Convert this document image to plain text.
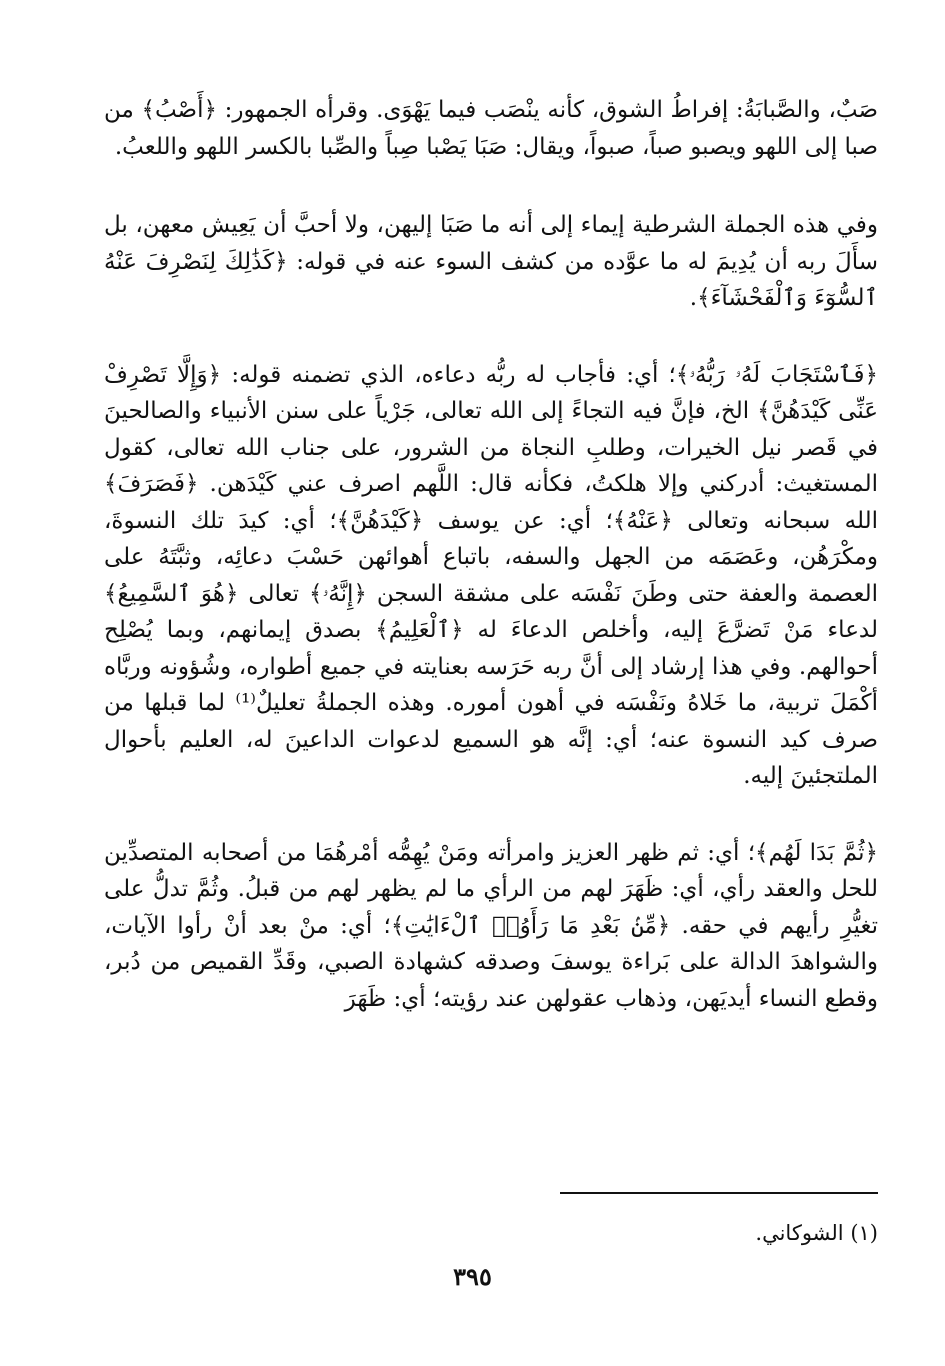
صَبٌ، والصَّبابَةُ: إفراطُ الشوق، كأنه ينْصَب فيما يَهْوَى. وقرأه الجمهور: ﴿أَصْبُ﴾ من صبا إلى اللهو ويصبو صباً، صبواً، ويقال: صَبَا يَصْبا صِباً والصِّبا بالكسر اللهو واللعبُ.

وفي هذه الجملة الشرطية إيماء إلى أنه ما صَبَا إليهن، ولا أحبَّ أن يَعِيش معهن، بل سأَلَ ربه أن يُدِيمَ له ما عوَّده من كشف السوء عنه في قوله: ﴿كَذَٰلِكَ لِنَصْرِفَ عَنْهُ ٱلسُّوٓءَ وَٱلْفَحْشَآءَ﴾.

﴿فَٱسْتَجَابَ لَهُۥ رَبُّهُۥ﴾؛ أي: فأجاب له ربُّه دعاءه، الذي تضمنه قوله: ﴿وَإِلَّا تَصْرِفْ عَنِّى كَيْدَهُنَّ﴾ الخ، فإنَّ فيه التجاءً إلى الله تعالى، جَرْياً على سنن الأنبياء والصالحينَ في قَصر نيل الخيرات، وطلبِ النجاة من الشرور، على جناب الله تعالى، كقول المستغيث: أدركني وإلا هلكتُ، فكأنه قال: اللَّهم اصرف عني كَيْدَهن. ﴿فَصَرَفَ﴾ الله سبحانه وتعالى ﴿عَنْهُ﴾؛ أي: عن يوسف ﴿كَيْدَهُنَّ﴾؛ أي: كيدَ تلك النسوةَ، ومكْرَهُن، وعَصَمَه من الجهل والسفه، باتباع أهوائهن حَسْبَ دعائِه، وثبَّتَهُ على العصمة والعفة حتى وطَنَ نَفْسَه على مشقة السجن ﴿إِنَّهُۥ﴾ تعالى ﴿هُوَ ٱلسَّمِيعُ﴾ لدعاء مَنْ تَضرَّعَ إليه، وأخلص الدعاءَ له ﴿ٱلْعَلِيمُ﴾ بصدق إيمانهم، وبما يُصْلِح أحوالهم. وفي هذا إرشاد إلى أنَّ ربه حَرَسه بعنايته في جميع أطواره، وشُؤونه وربَّاه أكْمَلَ تربية، ما خَلاهُ ونَفْسَه في أهون أموره. وهذه الجملةُ تعليلٌ⁽¹⁾ لما قبلها من صرف كيد النسوة عنه؛ أي: إنَّه هو السميع لدعوات الداعينَ له، العليم بأحوال الملتجئينَ إليه.

﴿ثُمَّ بَدَا لَهُم﴾؛ أي: ثم ظهر العزيز وامرأته ومَنْ يُهِمُّه أمْرهُمَا من أصحابه المتصدِّين للحل والعقد رأي، أي: ظَهَرَ لهم من الرأي ما لم يظهر لهم من قبلُ. وثُمَّ تدلُّ على تغيُّرِ رأيهم في حقه. ﴿مِّنۢ بَعْدِ مَا رَأَوُا۟ ٱلْءَايَٰتِ﴾؛ أي: منْ بعد أنْ رأوا الآيات، والشواهدَ الدالة على بَراءة يوسفَ وصدقه كشهادة الصبي، وقَدِّ القميص من دُبر، وقطع النساء أيديَهن، وذهاب عقولهن عند رؤيته؛ أي: ظَهَرَ

(١) الشوكاني.
٣٩٥
